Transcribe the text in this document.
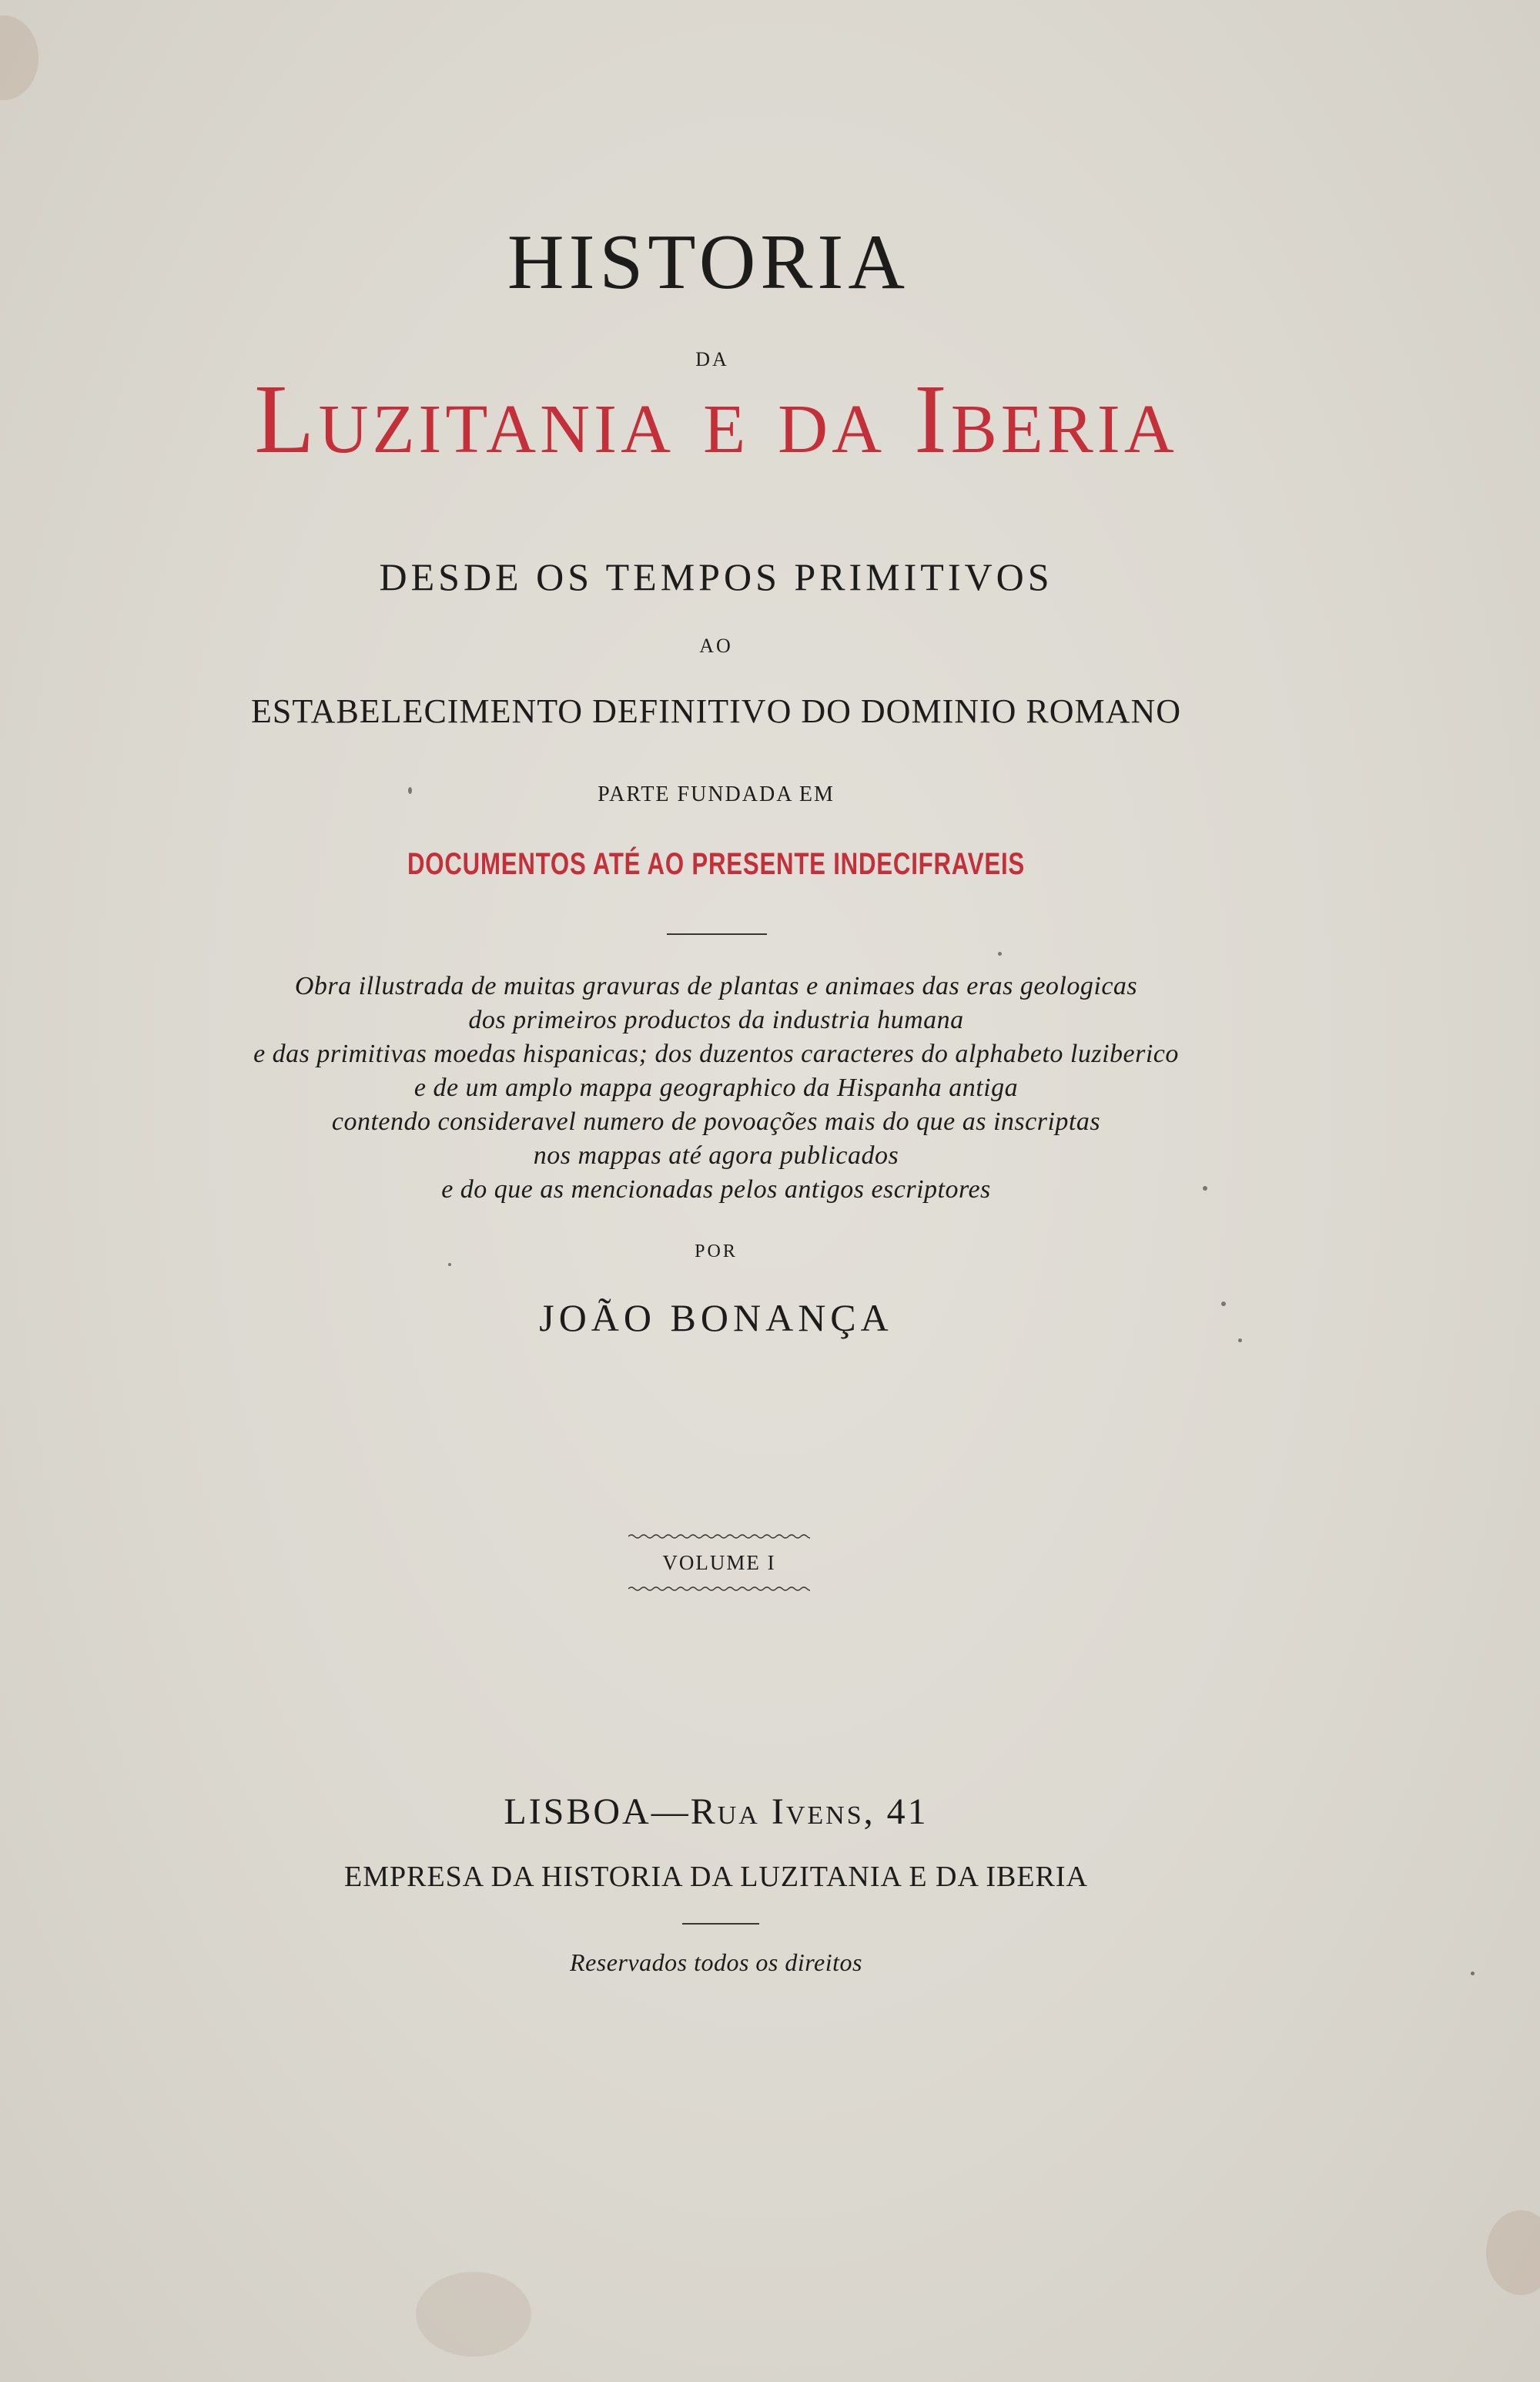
HISTORIA
DA
Luzitania e da Iberia
DESDE OS TEMPOS PRIMITIVOS
AO
ESTABELECIMENTO DEFINITIVO DO DOMINIO ROMANO
PARTE FUNDADA EM
DOCUMENTOS ATÉ AO PRESENTE INDECIFRAVEIS
Obra illustrada de muitas gravuras de plantas e animaes das eras geologicas
dos primeiros productos da industria humana
e das primitivas moedas hispanicas; dos duzentos caracteres do alphabeto luziberico
e de um amplo mappa geographico da Hispanha antiga
contendo consideravel numero de povoações mais do que as inscriptas
nos mappas até agora publicados
e do que as mencionadas pelos antigos escriptores
POR
JOÃO BONANÇA
VOLUME I
LISBOA—Rua Ivens, 41
EMPRESA DA HISTORIA DA LUZITANIA E DA IBERIA
Reservados todos os direitos
